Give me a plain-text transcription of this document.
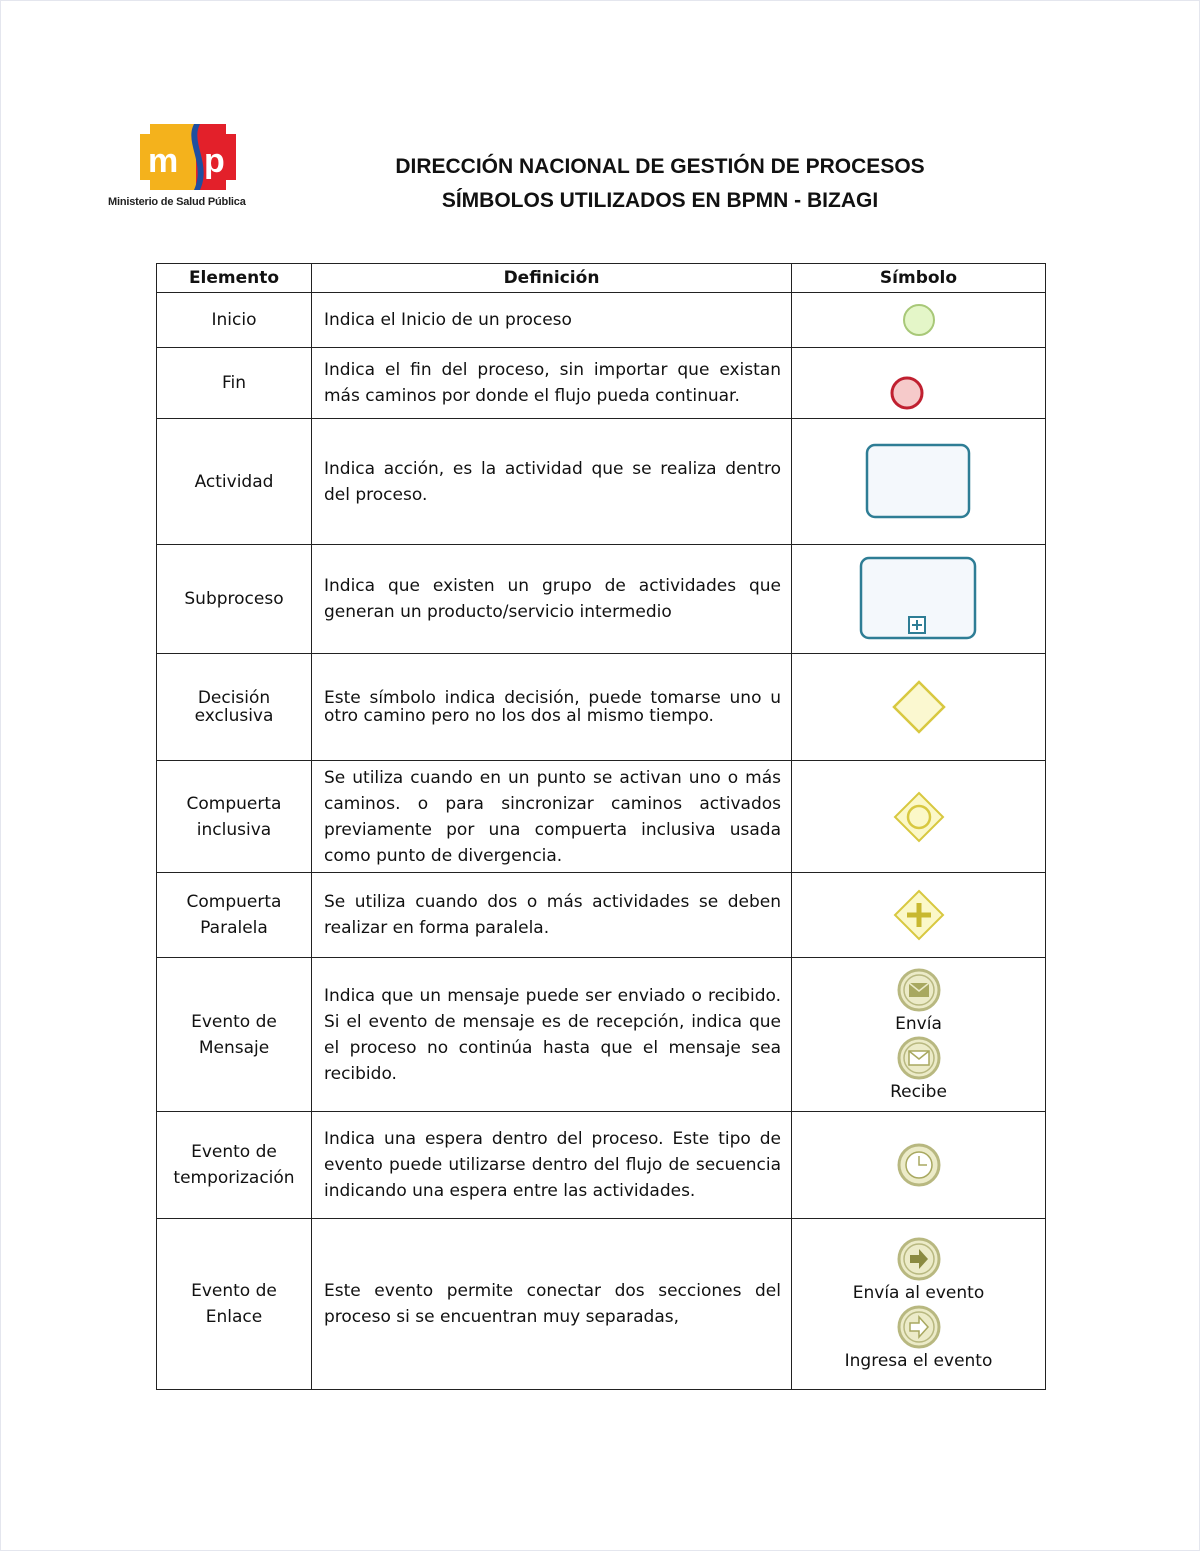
m p
Ministerio de Salud Pública
DIRECCIÓN NACIONAL DE GESTIÓN DE PROCESOS
SÍMBOLOS UTILIZADOS EN BPMN - BIZAGI
Elemento	Definición	Símbolo
Inicio	Indica el Inicio de un proceso	

Fin	Indica el fin del proceso, sin importar que existan más caminos por donde el flujo pueda continuar.	

Actividad	Indica acción, es la actividad que se realiza dentro del proceso.	

Subproceso	Indica que existen un grupo de actividades que generan un producto/servicio intermedio	

Decisión exclusiva	Este símbolo indica decisión, puede tomarse uno u otro camino pero no los dos al mismo tiempo.	

Compuerta inclusiva	Se utiliza cuando en un punto se activan uno o más caminos. o para sincronizar caminos activados previamente por una compuerta inclusiva usada como punto de divergencia.	

Compuerta Paralela	Se utiliza cuando dos o más actividades se deben realizar en forma paralela.	

Evento de Mensaje	Indica que un mensaje puede ser enviado o recibido. Si el evento de mensaje es de recepción, indica que el proceso no continúa hasta que el mensaje sea recibido.	Envía
Recibe

Evento de temporización	Indica una espera dentro del proceso. Este tipo de evento puede utilizarse dentro del flujo de secuencia indicando una espera entre las actividades.	

Evento de Enlace	Este evento permite conectar dos secciones del proceso si se encuentran muy separadas,	Envía al evento
Ingresa el evento
